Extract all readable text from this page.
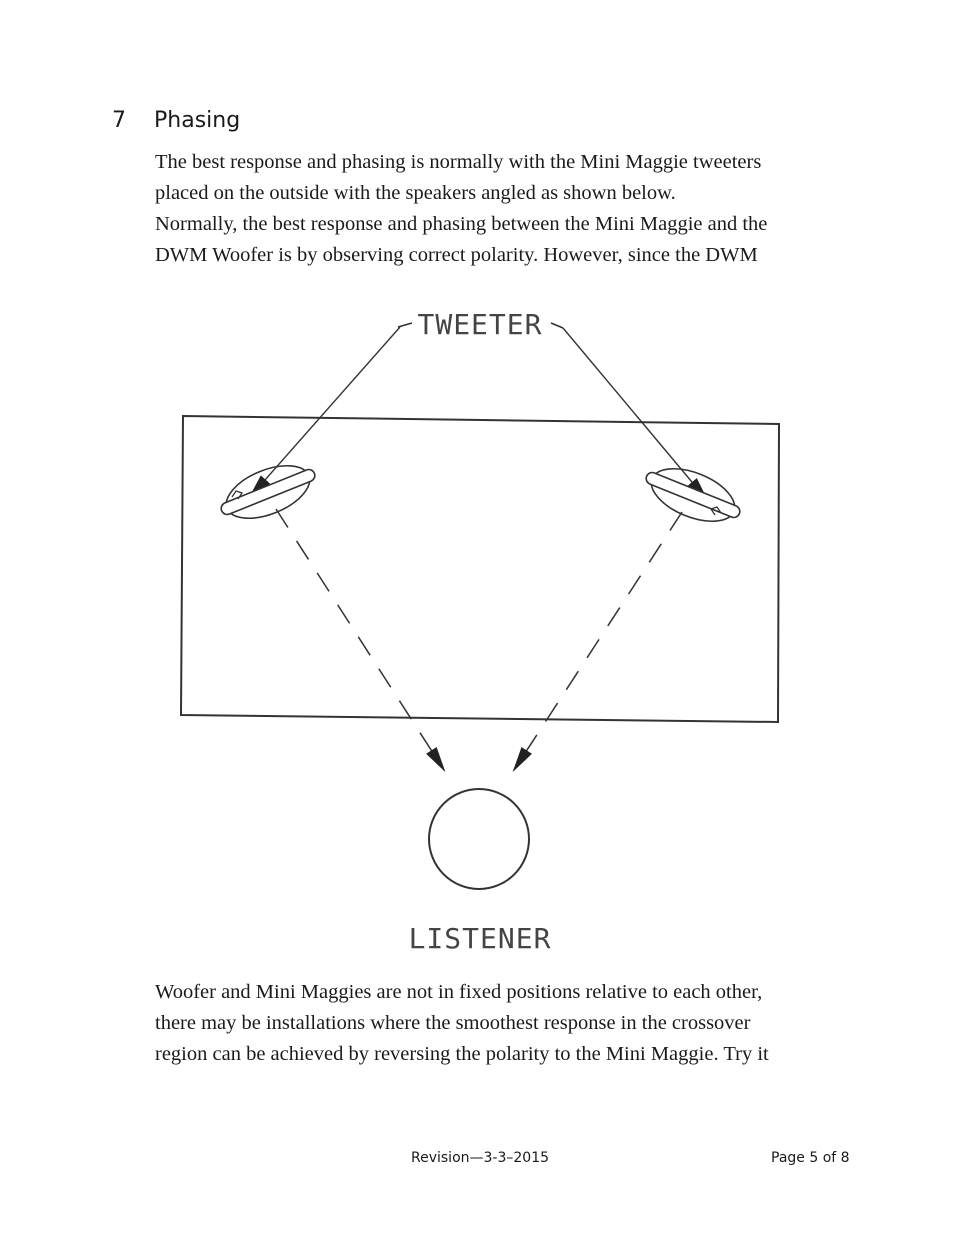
7 Phasing

The best response and phasing is normally with the Mini Maggie tweeters
placed on the outside with the speakers angled as shown below.
Normally, the best response and phasing between the Mini Maggie and the
DWM Woofer is by observing correct polarity. However, since the DWM

TWEETER
LISTENER

Woofer and Mini Maggies are not in fixed positions relative to each other,
there may be installations where the smoothest response in the crossover
region can be achieved by reversing the polarity to the Mini Maggie. Try it

Revision—3-3–2015	Page 5 of 8
